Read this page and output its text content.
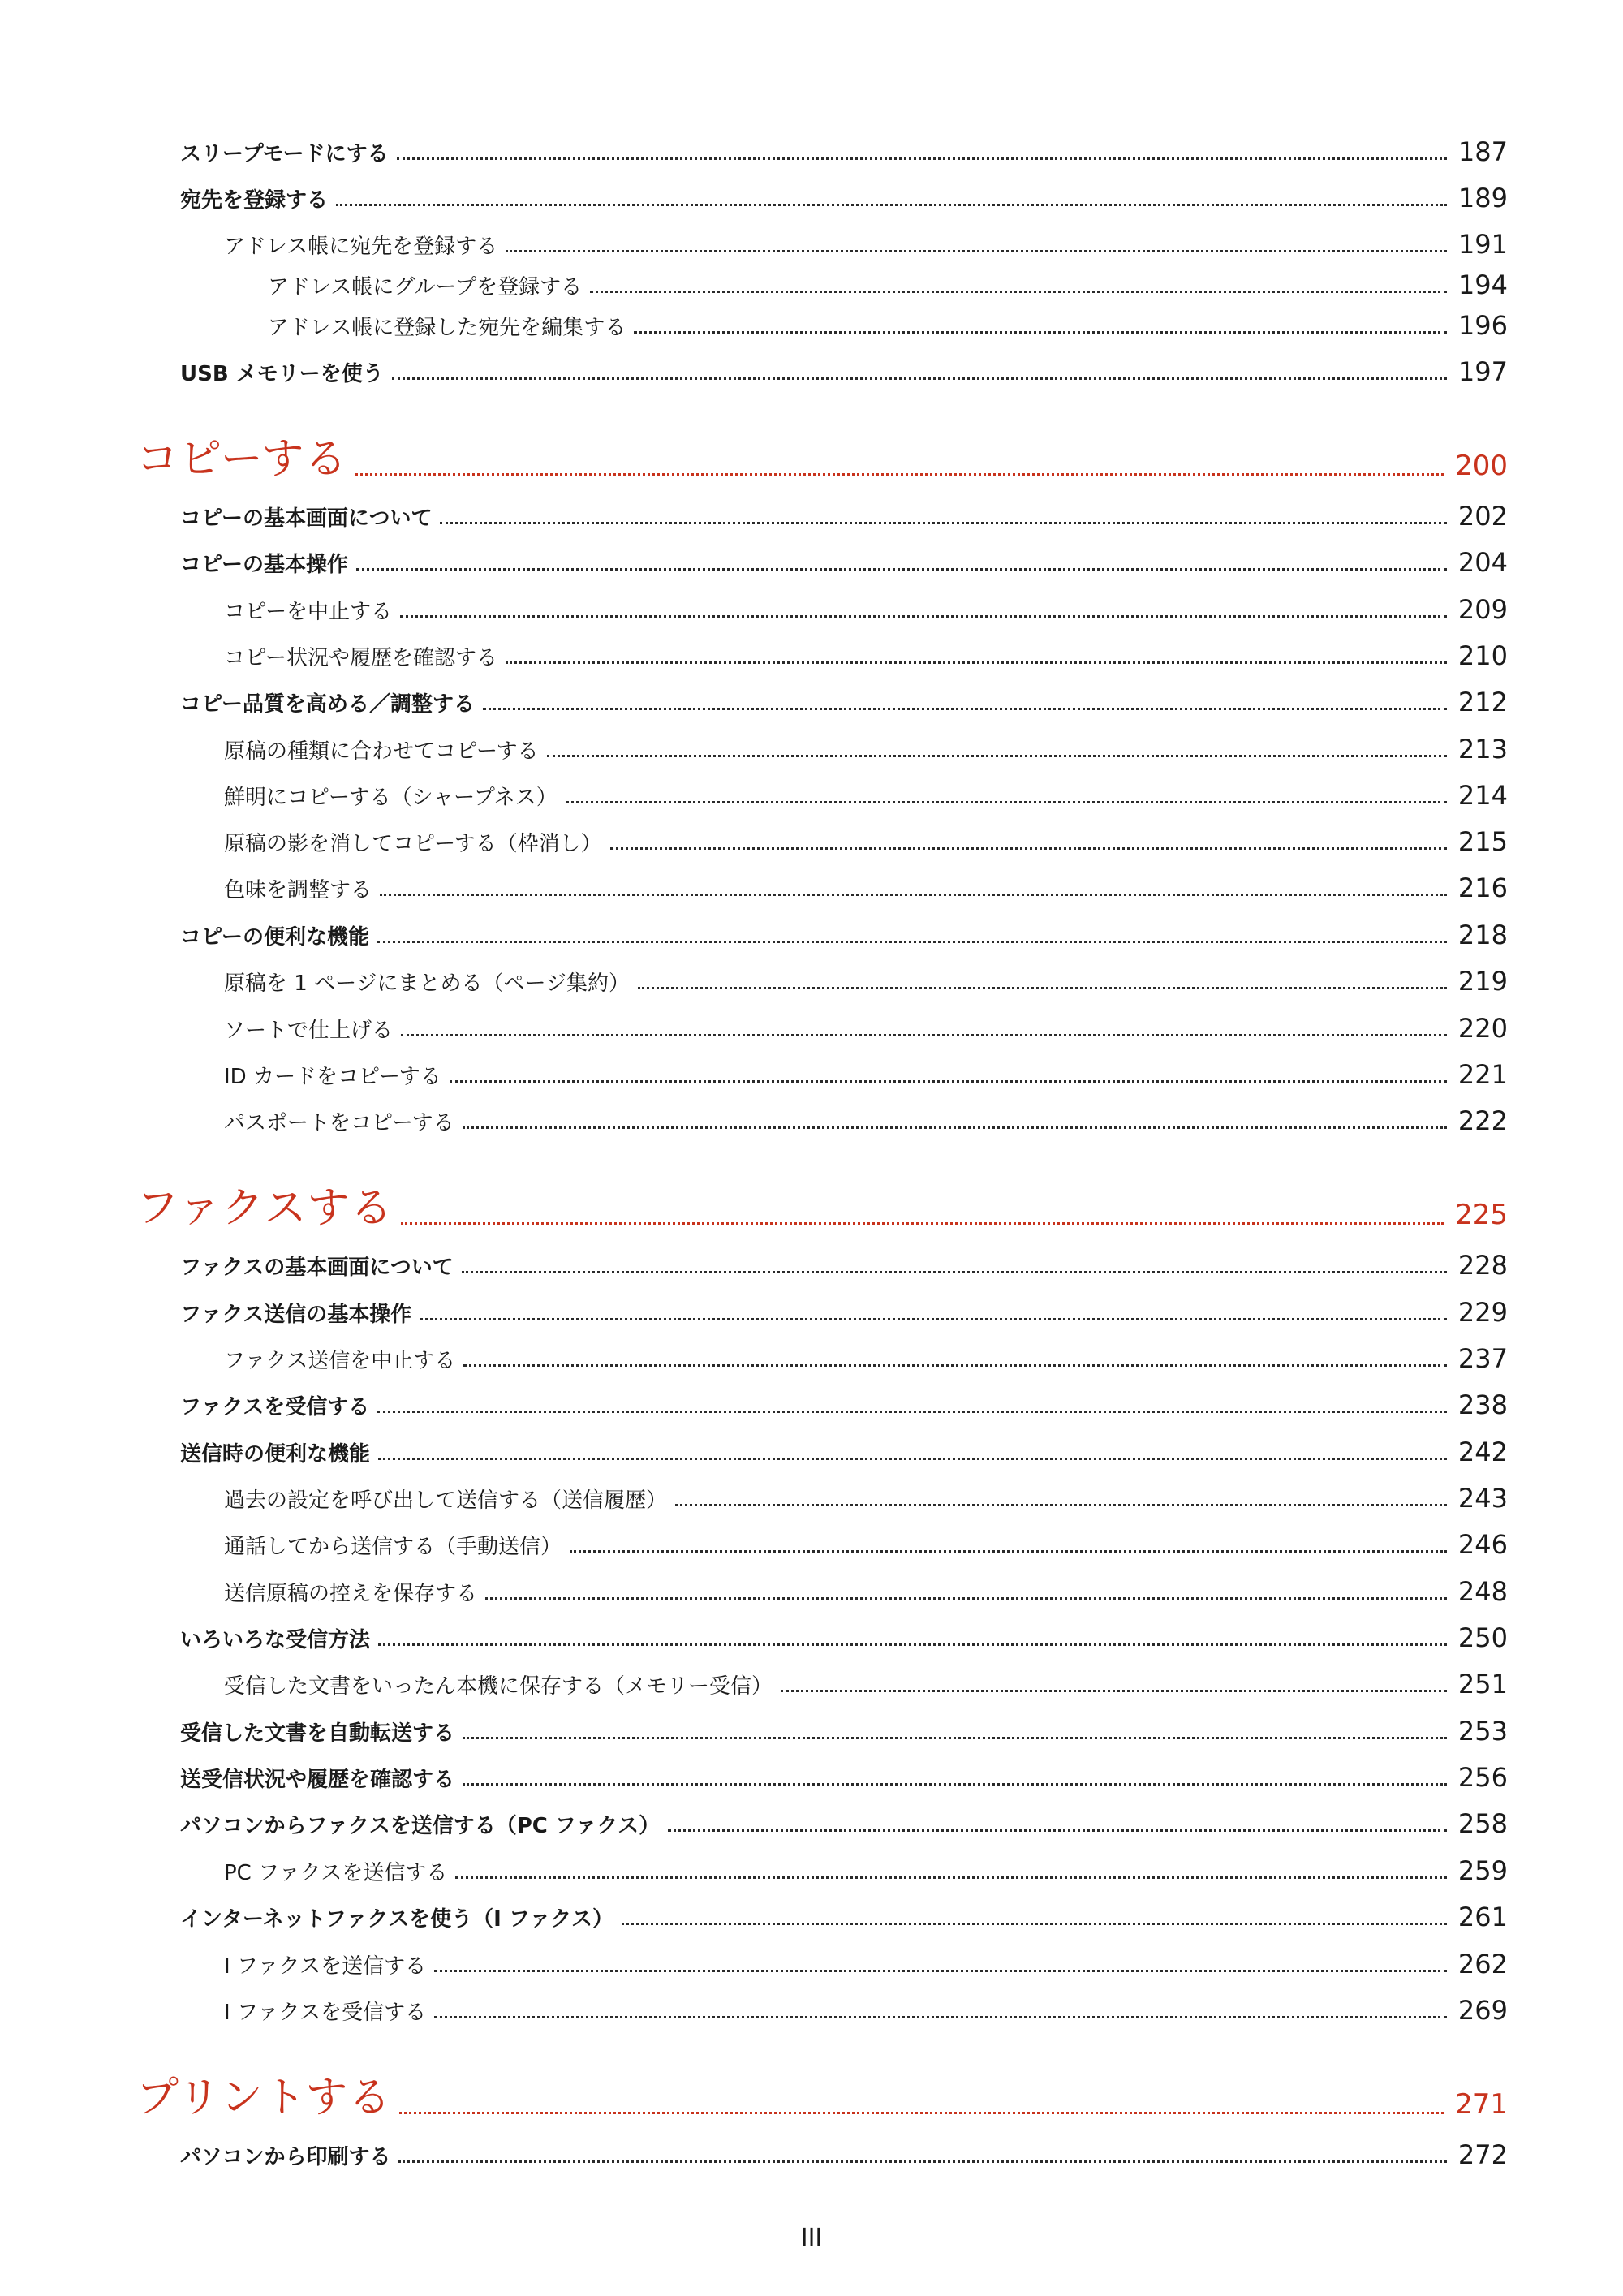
スリープモードにする	187
宛先を登録する	189
アドレス帳に宛先を登録する	191
アドレス帳にグループを登録する	194
アドレス帳に登録した宛先を編集する	196
USB メモリーを使う	197
コピーする	200
コピーの基本画面について	202
コピーの基本操作	204
コピーを中止する	209
コピー状況や履歴を確認する	210
コピー品質を高める／調整する	212
原稿の種類に合わせてコピーする	213
鮮明にコピーする（シャープネス）	214
原稿の影を消してコピーする（枠消し）	215
色味を調整する	216
コピーの便利な機能	218
原稿を 1 ページにまとめる（ページ集約）	219
ソートで仕上げる	220
ID カードをコピーする	221
パスポートをコピーする	222
ファクスする	225
ファクスの基本画面について	228
ファクス送信の基本操作	229
ファクス送信を中止する	237
ファクスを受信する	238
送信時の便利な機能	242
過去の設定を呼び出して送信する（送信履歴）	243
通話してから送信する（手動送信）	246
送信原稿の控えを保存する	248
いろいろな受信方法	250
受信した文書をいったん本機に保存する（メモリー受信）	251
受信した文書を自動転送する	253
送受信状況や履歴を確認する	256
パソコンからファクスを送信する（PC ファクス）	258
PC ファクスを送信する	259
インターネットファクスを使う（I ファクス）	261
I ファクスを送信する	262
I ファクスを受信する	269
プリントする	271
パソコンから印刷する	272
III
